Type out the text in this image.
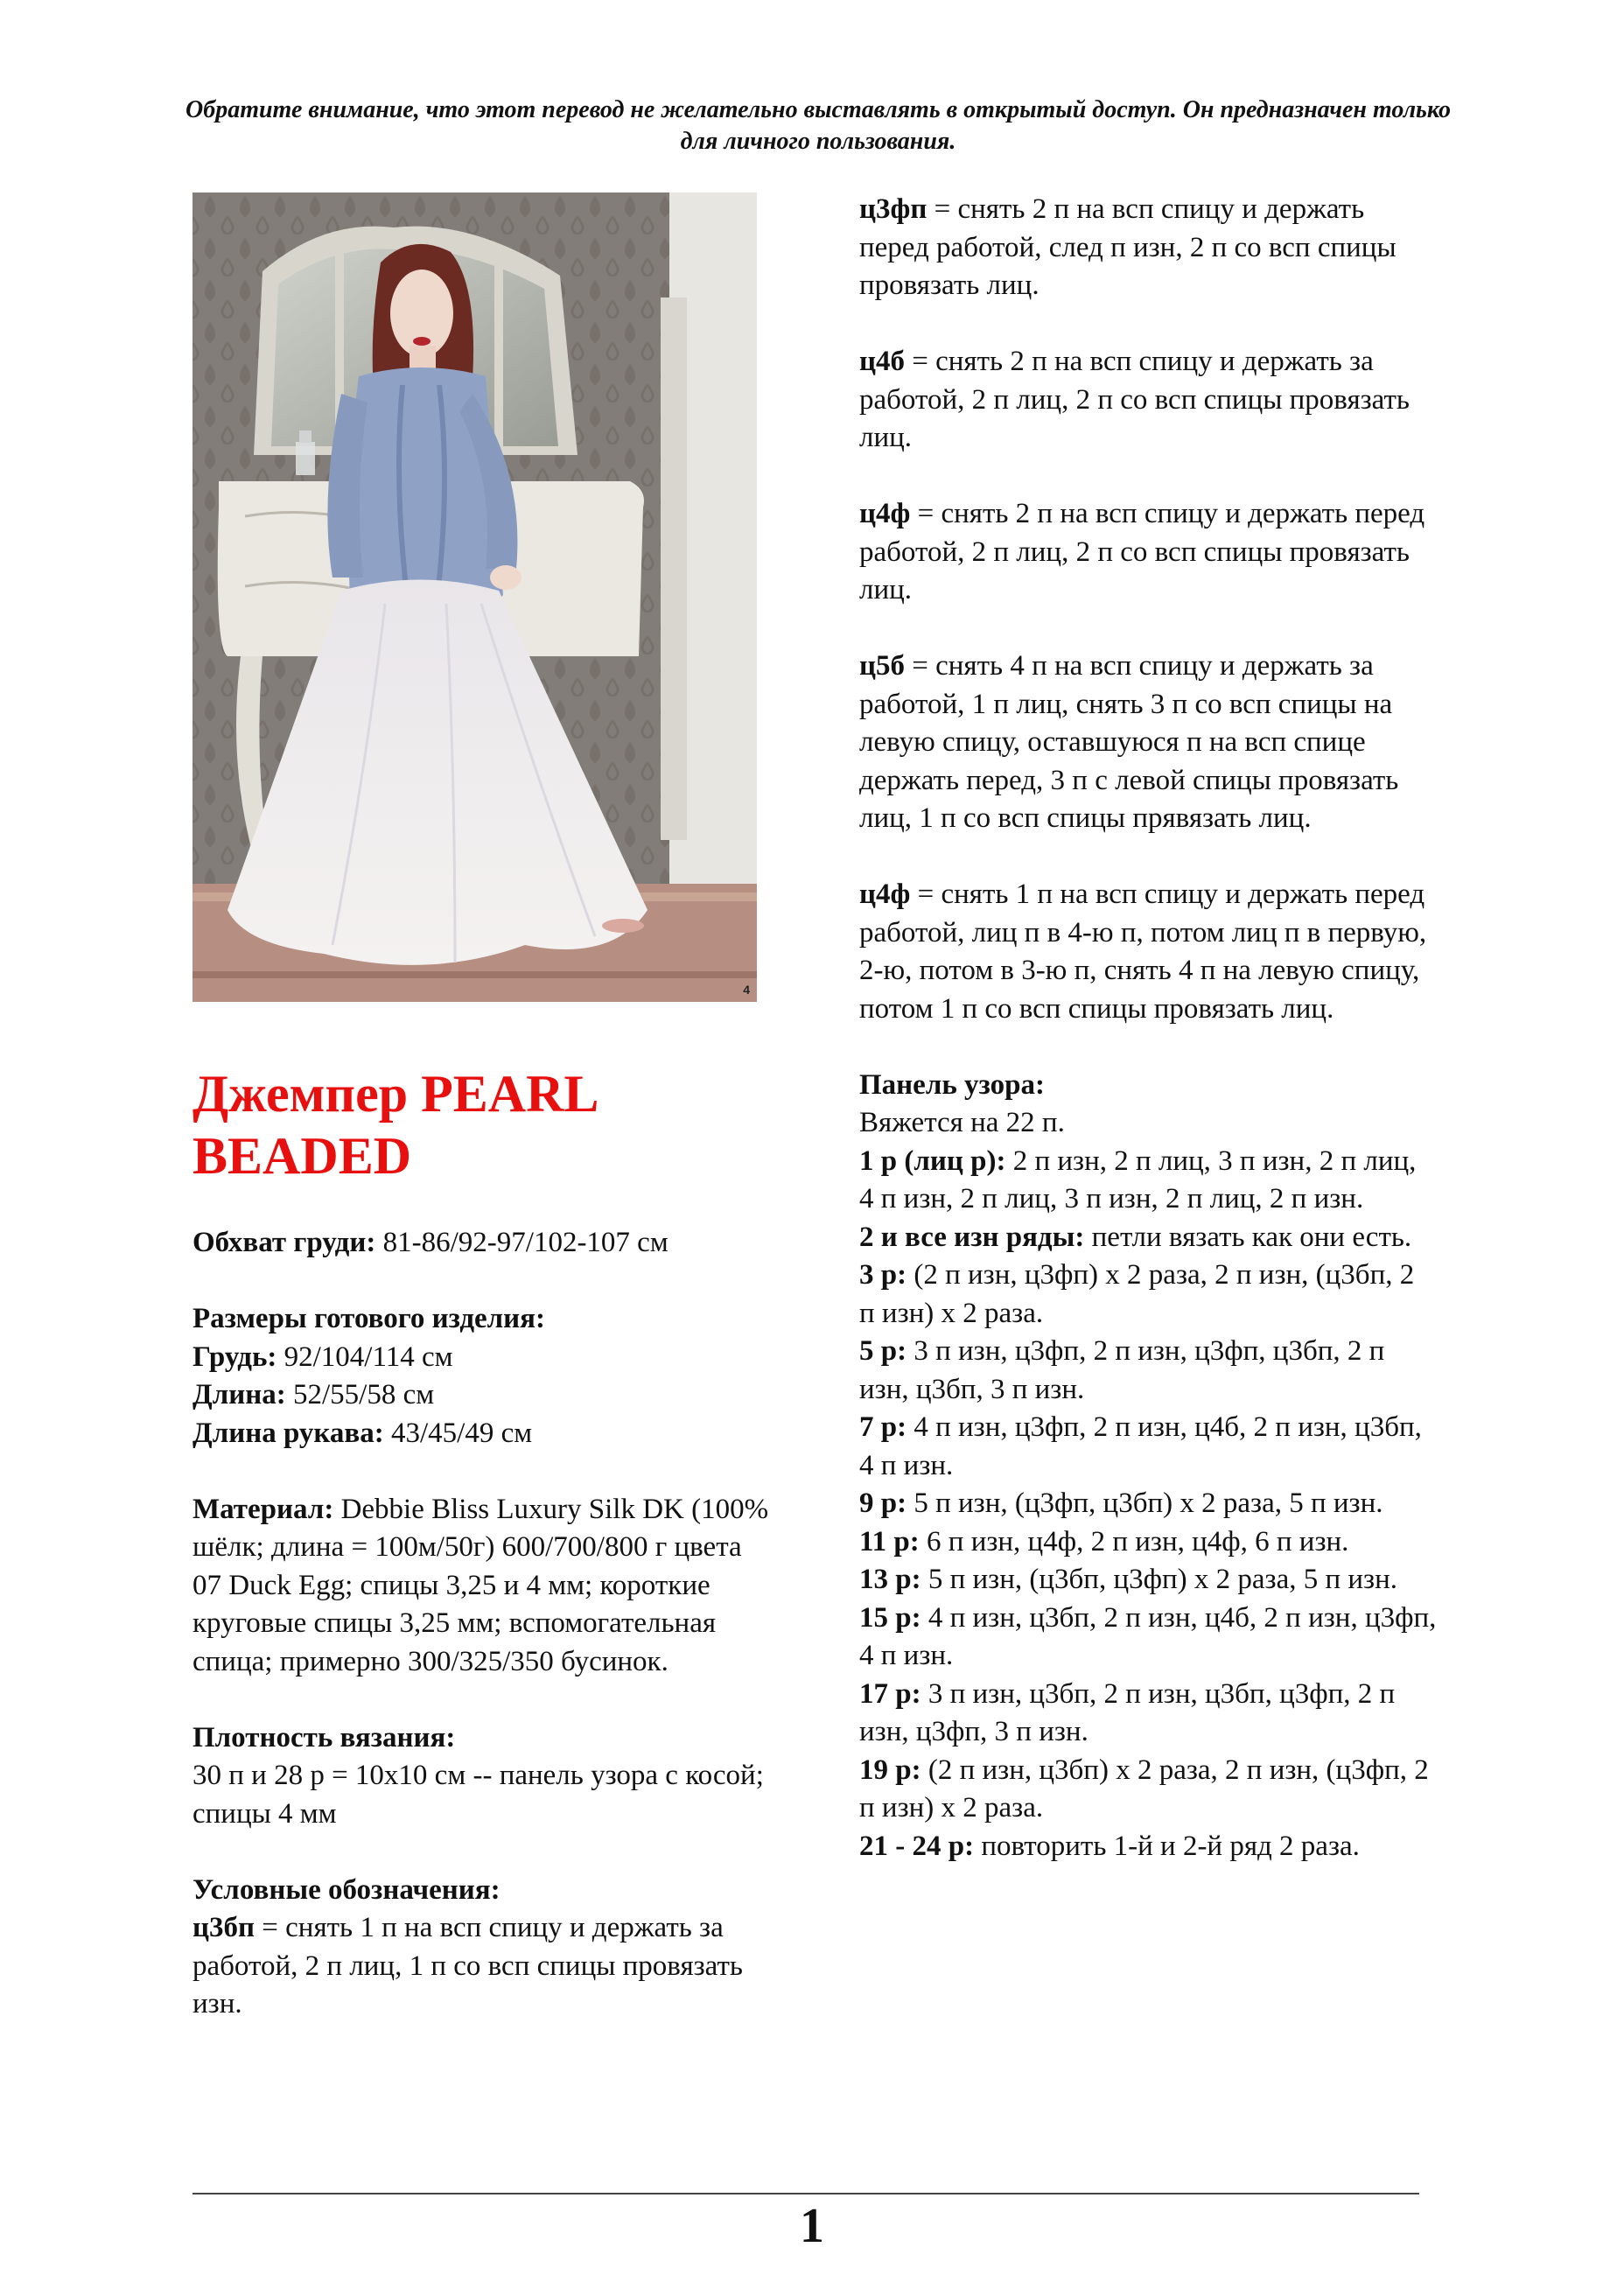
Обратите внимание, что этот перевод не желательно выставлять в открытый доступ. Он предназначен только для личного пользования.
4
Джемпер PEARL BEADED
Обхват груди: 81-86/92-97/102-107 см
Размеры готового изделия:
Грудь: 92/104/114 см
Длина: 52/55/58 см
Длина рукава: 43/45/49 см
Материал: Debbie Bliss Luxury Silk DK (100% шёлк; длина = 100м/50г) 600/700/800 г цвета 07 Duck Egg; спицы 3,25 и 4 мм; короткие круговые спицы 3,25 мм; вспомогательная спица; примерно 300/325/350 бусинок.
Плотность вязания:
30 п и 28 р = 10х10 см -- панель узора с косой; спицы 4 мм
Условные обозначения:
ц3бп = снять 1 п на всп спицу и держать за работой, 2 п лиц, 1 п со всп спицы провязать изн.
ц3фп = снять 2 п на всп спицу и держать перед работой, след п изн, 2 п со всп спицы провязать лиц.
ц4б = снять 2 п на всп спицу и держать за работой, 2 п лиц, 2 п со всп спицы провязать лиц.
ц4ф = снять 2 п на всп спицу и держать перед работой, 2 п лиц, 2 п со всп спицы провязать лиц.
ц5б = снять 4 п на всп спицу и держать за работой, 1 п лиц, снять 3 п со всп спицы на левую спицу, оставшуюся п на всп спице держать перед, 3 п с левой спицы провязать лиц, 1 п со всп спицы прявязать лиц.
ц4ф = снять 1 п на всп спицу и держать перед работой, лиц п в 4-ю п, потом лиц п в первую, 2-ю, потом в 3-ю п, снять 4 п на левую спицу, потом 1 п со всп спицы провязать лиц.
Панель узора:
Вяжется на 22 п.
1 р (лиц р): 2 п изн, 2 п лиц, 3 п изн, 2 п лиц, 4 п изн, 2 п лиц, 3 п изн, 2 п лиц, 2 п изн.
2 и все изн ряды: петли вязать как они есть.
3 р: (2 п изн, ц3фп) х 2 раза, 2 п изн, (ц3бп, 2 п изн) х 2 раза.
5 р: 3 п изн, ц3фп, 2 п изн, ц3фп, ц3бп, 2 п изн, ц3бп, 3 п изн.
7 р: 4 п изн, ц3фп, 2 п изн, ц4б, 2 п изн, ц3бп, 4 п изн.
9 р: 5 п изн, (ц3фп, ц3бп) х 2 раза, 5 п изн.
11 р: 6 п изн, ц4ф, 2 п изн, ц4ф, 6 п изн.
13 р: 5 п изн, (ц3бп, ц3фп) х 2 раза, 5 п изн.
15 р: 4 п изн, ц3бп, 2 п изн, ц4б, 2 п изн, ц3фп, 4 п изн.
17 р: 3 п изн, ц3бп, 2 п изн, ц3бп, ц3фп, 2 п изн, ц3фп, 3 п изн.
19 р: (2 п изн, ц3бп) х 2 раза, 2 п изн, (ц3фп, 2 п изн) х 2 раза.
21 - 24 р: повторить 1-й и 2-й ряд 2 раза.
1
